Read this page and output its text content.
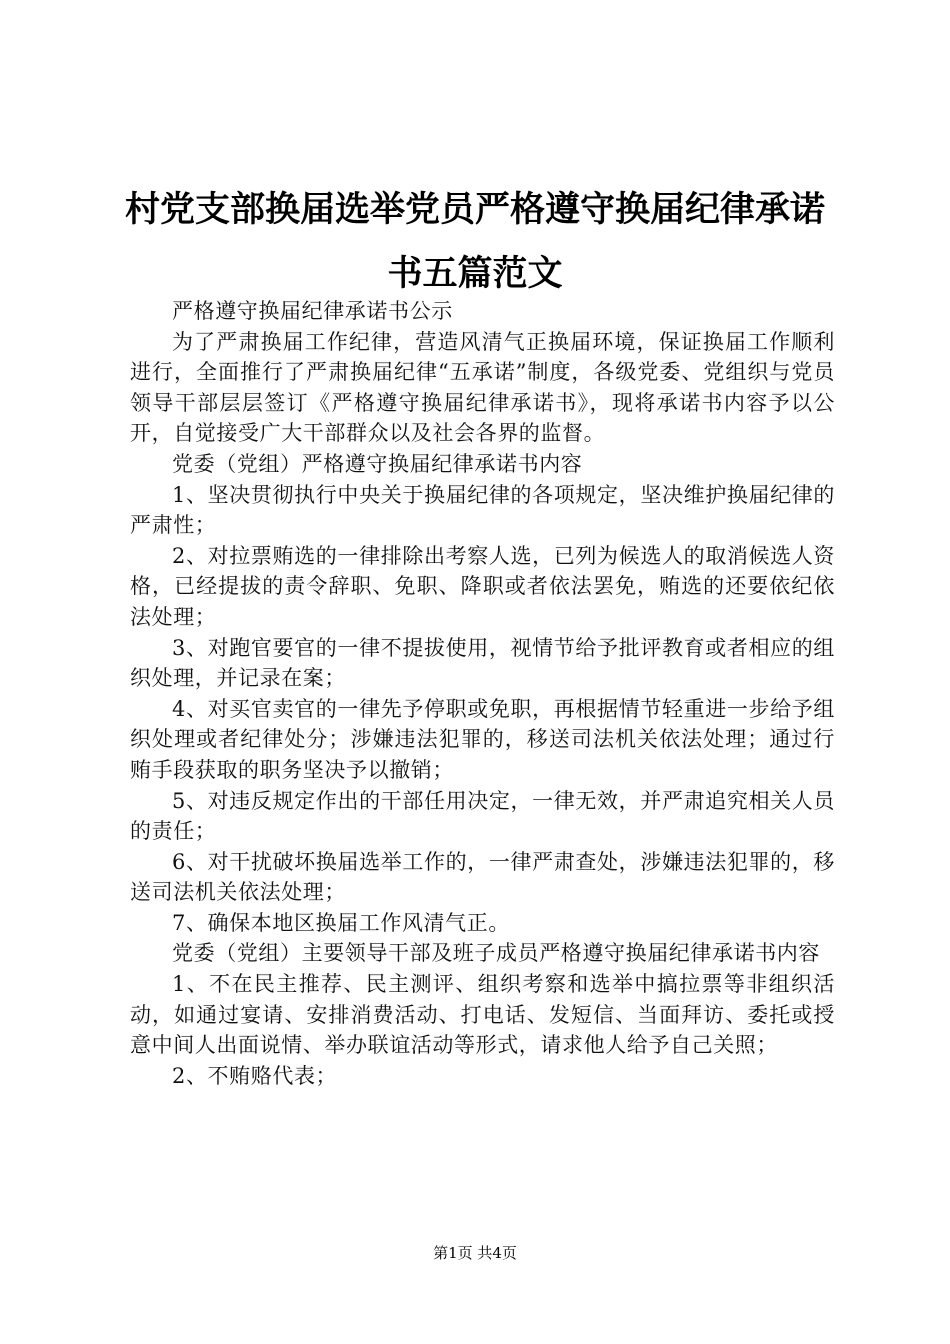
村党支部换届选举党员严格遵守换届纪律承诺书五篇范文

严格遵守换届纪律承诺书公示

为了严肃换届工作纪律，营造风清气正换届环境，保证换届工作顺利进行，全面推行了严肃换届纪律“五承诺”制度，各级党委、党组织与党员领导干部层层签订《严格遵守换届纪律承诺书》，现将承诺书内容予以公开，自觉接受广大干部群众以及社会各界的监督。

党委（党组）严格遵守换届纪律承诺书内容

1、坚决贯彻执行中央关于换届纪律的各项规定，坚决维护换届纪律的严肃性；

2、对拉票贿选的一律排除出考察人选，已列为候选人的取消候选人资格，已经提拔的责令辞职、免职、降职或者依法罢免，贿选的还要依纪依法处理；

3、对跑官要官的一律不提拔使用，视情节给予批评教育或者相应的组织处理，并记录在案；

4、对买官卖官的一律先予停职或免职，再根据情节轻重进一步给予组织处理或者纪律处分；涉嫌违法犯罪的，移送司法机关依法处理；通过行贿手段获取的职务坚决予以撤销；

5、对违反规定作出的干部任用决定，一律无效，并严肃追究相关人员的责任；

6、对干扰破坏换届选举工作的，一律严肃查处，涉嫌违法犯罪的，移送司法机关依法处理；

7、确保本地区换届工作风清气正。

党委（党组）主要领导干部及班子成员严格遵守换届纪律承诺书内容

1、不在民主推荐、民主测评、组织考察和选举中搞拉票等非组织活动，如通过宴请、安排消费活动、打电话、发短信、当面拜访、委托或授意中间人出面说情、举办联谊活动等形式，请求他人给予自己关照；

2、不贿赂代表；

第1页 共4页
